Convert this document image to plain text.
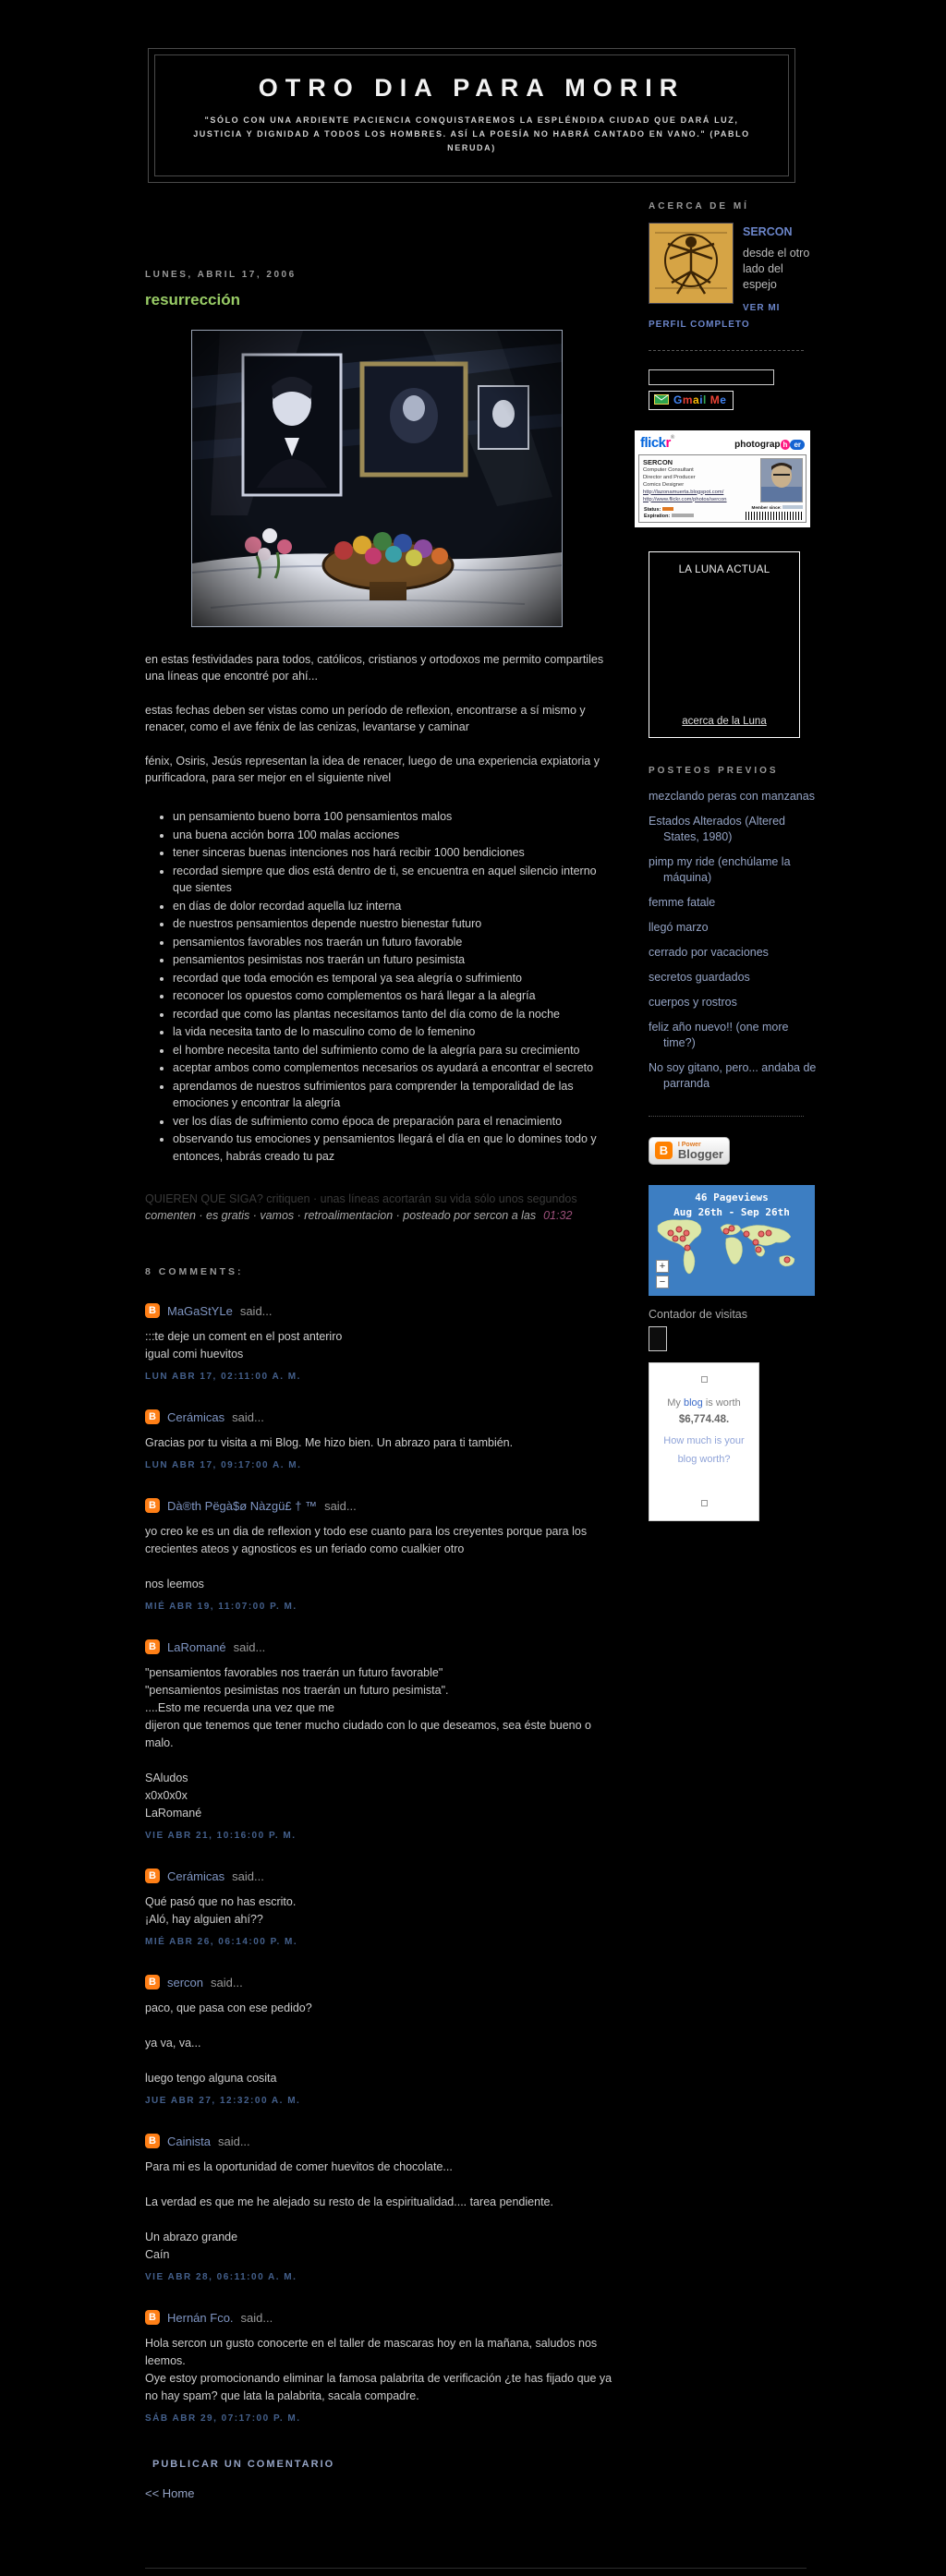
OTRO DIA PARA MORIR
"SÓLO CON UNA ARDIENTE PACIENCIA CONQUISTAREMOS LA ESPLÉNDIDA CIUDAD QUE DARÁ LUZ, JUSTICIA Y DIGNIDAD A TODOS LOS HOMBRES. ASÍ LA POESÍA NO HABRÁ CANTADO EN VANO." (PABLO NERUDA)
LUNES, ABRIL 17, 2006
resurrección

en estas festividades para todos, católicos, cristianos y ortodoxos me permito compartiles una líneas que encontré por ahí...

estas fechas deben ser vistas como un período de reflexion, encontrarse a sí mismo y renacer, como el ave fénix de las cenizas, levantarse y caminar

fénix, Osiris, Jesús representan la idea de renacer, luego de una experiencia expiatoria y purificadora, para ser mejor en el siguiente nivel

• un pensamiento bueno borra 100 pensamientos malos
• una buena acción borra 100 malas acciones
• tener sinceras buenas intenciones nos hará recibir 1000 bendiciones
• recordad siempre que dios está dentro de ti, se encuentra en aquel silencio interno que sientes
• en días de dolor recordad aquella luz interna
• de nuestros pensamientos depende nuestro bienestar futuro
• pensamientos favorables nos traerán un futuro favorable
• pensamientos pesimistas nos traerán un futuro pesimista
• recordad que toda emoción es temporal ya sea alegría o sufrimiento
• reconocer los opuestos como complementos os hará llegar a la alegría
• recordad que como las plantas necesitamos tanto del día como de la noche
• la vida necesita tanto de lo masculino como de lo femenino
• el hombre necesita tanto del sufrimiento como de la alegría para su crecimiento
• aceptar ambos como complementos necesarios os ayudará a encontrar el secreto
• aprendamos de nuestros sufrimientos para comprender la temporalidad de las emociones y encontrar la alegría
• ver los días de sufrimiento como época de preparación para el renacimiento
• observando tus emociones y pensamientos llegará el día en que lo domines todo y entonces, habrás creado tu paz
QUIEREN QUE SIGA? critiquen · unas líneas acortarán su vida sólo unos segundos
comenten · es gratis · vamos · retroalimentacion · posteado por sercon a las 01:32
8 COMMENTS:
B MaGaStYLe said...
:::te deje un coment en el post anteriro
igual comi huevitos
LUN ABR 17, 02:11:00 A. M.
B Cerámicas said...
Gracias por tu visita a mi Blog. Me hizo bien. Un abrazo para ti también.
LUN ABR 17, 09:17:00 A. M.
B Dà®th Pëgà$ø Nàzgü£ † ™ said...
yo creo ke es un dia de reflexion y todo ese cuanto para los creyentes porque para los crecientes ateos y agnosticos es un feriado como cualkier otro
nos leemos
MIÉ ABR 19, 11:07:00 P. M.
B LaRomané said...
"pensamientos favorables nos traerán un futuro favorable"
"pensamientos pesimistas nos traerán un futuro pesimista".
....Esto me recuerda una vez que me
dijeron que tenemos que tener mucho ciudado con lo que deseamos, sea éste bueno o malo.
SAludos
x0x0x0x
LaRomané
VIE ABR 21, 10:16:00 P. M.
B Cerámicas said...
Qué pasó que no has escrito.
¡Aló, hay alguien ahí??
MIÉ ABR 26, 06:14:00 P. M.
B sercon said...
paco, que pasa con ese pedido?
ya va, va...
luego tengo alguna cosita
JUE ABR 27, 12:32:00 A. M.
B Cainista said...
Para mi es la oportunidad de comer huevitos de chocolate...
La verdad es que me he alejado su resto de la espiritualidad.... tarea pendiente.
Un abrazo grande
Caín
VIE ABR 28, 06:11:00 A. M.
B Hernán Fco. said...
Hola sercon un gusto conocerte en el taller de mascaras hoy en la mañana, saludos nos leemos.
Oye estoy promocionando eliminar la famosa palabrita de verificación ¿te has fijado que ya no hay spam? que lata la palabrita, sacala compadre.
SÁB ABR 29, 07:17:00 P. M.
PUBLICAR UN COMENTARIO
<< Home
ACERCA DE MÍ
SERCON
desde el otro lado del espejo
VER MI
PERFIL COMPLETO

Gmail Me
flickr®
photograp h er
SERCON
Computer Consultant
Director and Producer
Comics Designer
http://lazonamuerta.blogspot.com/
http://www.flickr.com/photos/sercon
Member since:
Status:
Expiration:
LA LUNA ACTUAL
acerca de la Luna
POSTEOS PREVIOS
mezclando peras con manzanas
Estados Alterados (Altered States, 1980)
pimp my ride (enchúlame la máquina)
femme fatale
llegó marzo
cerrado por vacaciones
secretos guardados
cuerpos y rostros
feliz año nuevo!! (one more time?)
No soy gitano, pero... andaba de parranda
B	I Power
Blogger
46 Pageviews
Aug 26th - Sep 26th
+
−
Contador de visitas
My blog is worth
$6,774.48.
How much is your blog worth?
